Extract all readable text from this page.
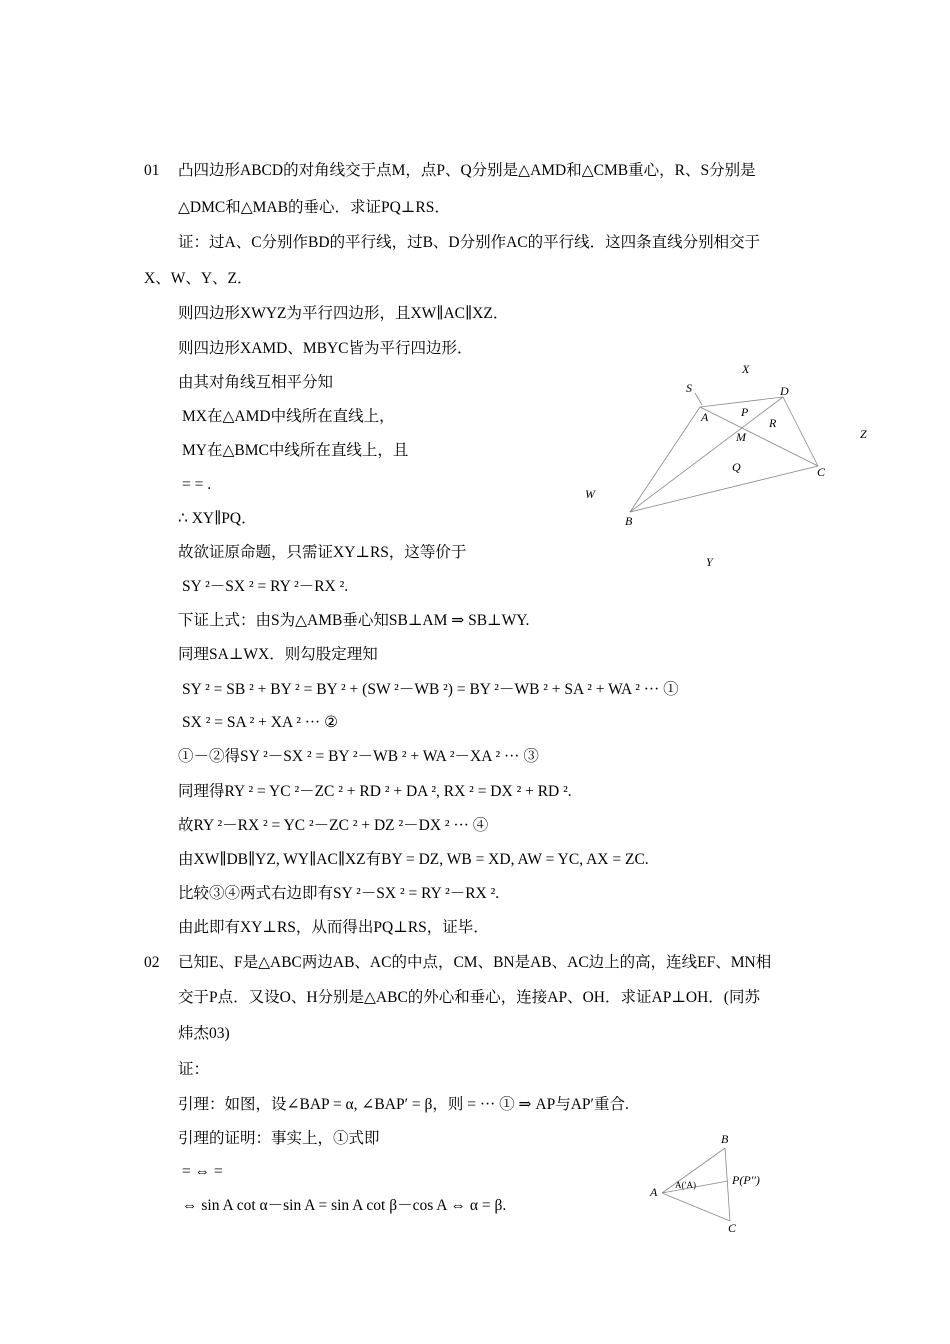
01 凸四边形ABCD的对角线交于点M，点P、Q分别是△AMD和△CMB重心，R、S分别是
△DMC和△MAB的垂心．求证PQ⊥RS．
证：过A、C分别作BD的平行线，过B、D分别作AC的平行线．这四条直线分别相交于
X、W、Y、Z．
则四边形XWYZ为平行四边形，且XW∥AC∥XZ．
则四边形XAMD、MBYC皆为平行四边形．
由其对角线互相平分知
MX在△AMD中线所在直线上，
MY在△BMC中线所在直线上，且
= = .
∴ XY∥PQ．
故欲证原命题，只需证XY⊥RS，这等价于
SY ²－SX ² = RY ²－RX ².
下证上式：由S为△AMB垂心知SB⊥AM ⇒ SB⊥WY.
同理SA⊥WX．则勾股定理知
SY ² = SB ² + BY ² = BY ² + (SW ²－WB ²) = BY ²－WB ² + SA ² + WA ² ··· ①
SX ² = SA ² + XA ² ··· ②
①－②得SY ²－SX ² = BY ²－WB ² + WA ²－XA ² ··· ③
同理得RY ² = YC ²－ZC ² + RD ² + DA ², RX ² = DX ² + RD ².
故RY ²－RX ² = YC ²－ZC ² + DZ ²－DX ² ··· ④
由XW∥DB∥YZ, WY∥AC∥XZ有BY = DZ, WB = XD, AW = YC, AX = ZC.
比较③④两式右边即有SY ²－SX ² = RY ²－RX ².
由此即有XY⊥RS，从而得出PQ⊥RS，证毕．
X
S	D
A	P
R
M	Z
Q	C
W
B
Y
02 已知E、F是△ABC两边AB、AC的中点，CM、BN是AB、AC边上的高，连线EF、MN相
交于P点．又设O、H分别是△ABC的外心和垂心，连接AP、OH．求证AP⊥OH．(同苏
炜杰03)
证：
引理：如图，设∠BAP = α, ∠BAP′ = β，则 = ··· ① ⇒ AP与AP′重合.
引理的证明：事实上，①式即
= ⇔ =
⇔ sin A cot α－sin A = sin A cot β－cos A ⇔ α = β.
B
A A(ʹA)	P(P′′)
C
